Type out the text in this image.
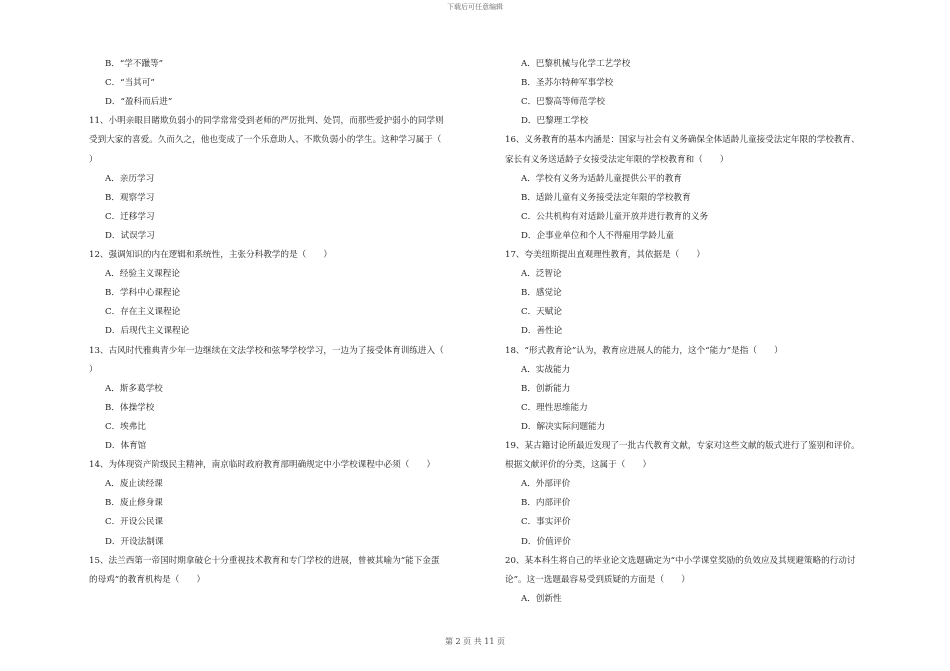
下载后可任意编辑
B．“学不躐等”
C．“当其可”
D．“盈科而后进”
11、小明亲眼目睹欺负弱小的同学常常受到老师的严厉批判、处罚，而那些爱护弱小的同学则
受到大家的喜爱。久而久之，他也变成了一个乐意助人、不欺负弱小的学生。这种学习属于（
）
A．亲历学习
B．观察学习
C．迁移学习
D．试误学习
12、强调知识的内在逻辑和系统性，主张分科教学的是（　　）
A．经验主义课程论
B．学科中心课程论
C．存在主义课程论
D．后现代主义课程论
13、古风时代雅典青少年一边继续在文法学校和弦琴学校学习，一边为了接受体育训练进入（
）
A．斯多葛学校
B．体操学校
C．埃弗比
D．体育馆
14、为体现资产阶级民主精神，南京临时政府教育部明确规定中小学校课程中必须（　　）
A．废止读经课
B．废止修身课
C．开设公民课
D．开设法制课
15、法兰西第一帝国时期拿破仑十分重视技术教育和专门学校的进展，曾被其喻为“能下金蛋
的母鸡”的教育机构是（　　）
A．巴黎机械与化学工艺学校
B．圣苏尔特种军事学校
C．巴黎高等师范学校
D．巴黎理工学校
16、义务教育的基本内涵是：国家与社会有义务确保全体适龄儿童接受法定年限的学校教育、
家长有义务送适龄子女接受法定年限的学校教育和（　　）
A．学校有义务为适龄儿童提供公平的教育
B．适龄儿童有义务接受法定年限的学校教育
C．公共机构有对适龄儿童开放并进行教育的义务
D．企事业单位和个人不得雇用学龄儿童
17、夸美纽斯提出直观理性教育，其依据是（　　）
A．泛智论
B．感觉论
C．天赋论
D．善性论
18、“形式教育论”认为，教育应进展人的能力，这个“能力”是指（　　）
A．实战能力
B．创新能力
C．理性思维能力
D．解决实际问题能力
19、某古籍讨论所最近发现了一批古代教育文献，专家对这些文献的版式进行了鉴别和评价。
根据文献评价的分类，这属于（　　）
A．外部评价
B．内部评价
C．事实评价
D．价值评价
20、某本科生将自己的毕业论文选题确定为“中小学课堂奖励的负效应及其规避策略的行动讨
论”。这一选题最容易受到质疑的方面是（　　）
A．创新性
第 2 页 共 11 页
